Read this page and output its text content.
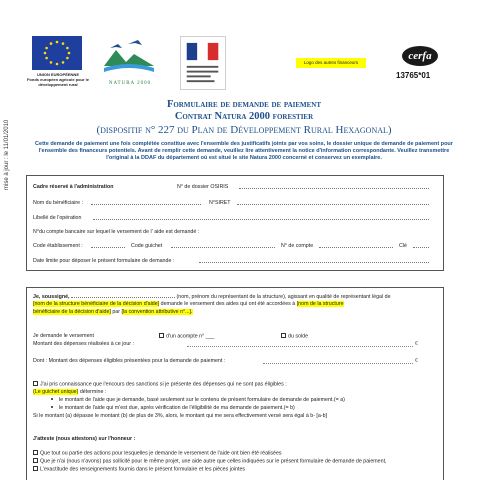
UNION EUROPÉENNE
Fonds européen agricole pour le développement rural	NATURA 2000
Logo des autres financeurs
cerfa
13765*01
mise à jour : le 11/01/2010
Formulaire de demande de paiement
Contrat Natura 2000 forestier
(dispositif n° 227 du Plan de Développement Rural Hexagonal)
Cette demande de paiement une fois complétée constitue avec l'ensemble des justificatifs joints par vos soins, le dossier unique de demande de paiement pour l'ensemble des financeurs potentiels. Avant de remplir cette demande, veuillez lire attentivement la notice d'information correspondante. Veuillez transmettre l'original à la DDAF du département où est situé le site Natura 2000 concerné et conservez un exemplaire.
Cadre réservé à l'administration	N° de dossier OSIRIS
Nom du bénéficiaire :	N°SIRET
Libellé de l'opération
N°du compte bancaire sur lequel le versement de l' aide est demandé :
Code établissement :	Code guichet	N° de compte	Clé
Date limite pour déposer le présent formulaire de demande :
Je, soussigné,	(nom, prénom du représentant de la structure), agissant en qualité de représentant légal de
[nom de la structure bénéficiaire de la décision d'aide] demande le versement des aides qui ont été accordées à [nom de la structure
bénéficiaire de la décision d'aide] par [la convention attributive n°...].
Je demande le versement	d'un acompte n° ___	du solde
Montant des dépenses réalisées à ce jour :	€
Dont : Montant des dépenses éligibles présentées pour la demande de paiement :	€
J'ai pris connaissance que l'encours des sanctions si je présente des dépenses qui ne sont pas éligibles :
(Le guichet unique) détermine :
le montant de l'aide que je demande, basé seulement sur le contenu de présent formulaire de demande de paiement.(= a)
le montant de l'aide qui m'est due, après vérification de l'éligibilité de ma demande de paiement.(= b)
Si le montant (a) dépasse le montant (b) de plus de 3%, alors, le montant qui me sera effectivement versé sera égal à b- [a-b]
J'atteste (nous attestons) sur l'honneur :
Que tout ou partie des actions pour lesquelles je demande le versement de l'aide ont bien été réalisées
Que je n'ai (nous n'avons) pas sollicité pour le même projet, une aide autre que celles indiquées sur le présent formulaire de demande de paiement,
L'exactitude des renseignements fournis dans le présent formulaire et les pièces jointes
